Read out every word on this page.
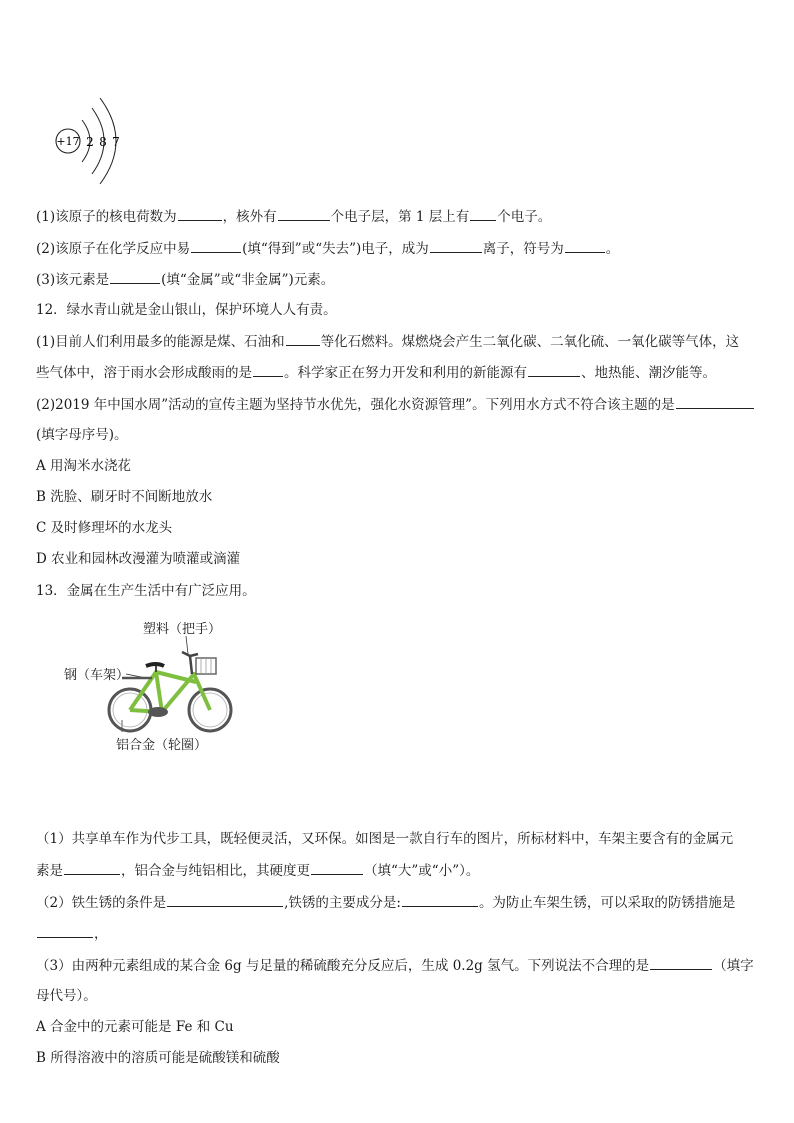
+17 2 8 7
(1)该原子的核电荷数为	，核外有	个电子层，第 1 层上有 个电子。
(2)该原子在化学反应中易	(填“得到”或“失去”)电子，成为	离子，符号为	。
(3)该元素是	(填“金属”或“非金属”)元素。
12．绿水青山就是金山银山，保护环境人人有责。
(1)目前人们利用最多的能源是煤、石油和	等化石燃料。煤燃烧会产生二氧化碳、二氧化硫、一氧化碳等气体，这
些气体中，溶于雨水会形成酸雨的是 。科学家正在努力开发和利用的新能源有	、地热能、潮汐能等。
(2)2019 年中国水周”活动的宣传主题为坚持节水优先，强化水资源管理”。下列用水方式不符合该主题的是
(填字母序号)。
A 用淘米水浇花
B 洗脸、刷牙时不间断地放水
C 及时修理坏的水龙头
D 农业和园林改漫灌为喷灌或滴灌
13．金属在生产生活中有广泛应用。
塑料（把手）
钢（车架）
铝合金（轮圈）
（1）共享单车作为代步工具，既轻便灵活，又环保。如图是一款自行车的图片，所标材料中，车架主要含有的金属元
素是	，铝合金与纯铝相比，其硬度更	（填“大”或“小”）。
（2）铁生锈的条件是	,铁锈的主要成分是:	。为防止车架生锈，可以采取的防锈措施是
，
（3）由两种元素组成的某合金 6g 与足量的稀硫酸充分反应后，生成 0.2g 氢气。下列说法不合理的是	（填字
母代号）。
A 合金中的元素可能是 Fe 和 Cu
B 所得溶液中的溶质可能是硫酸镁和硫酸
